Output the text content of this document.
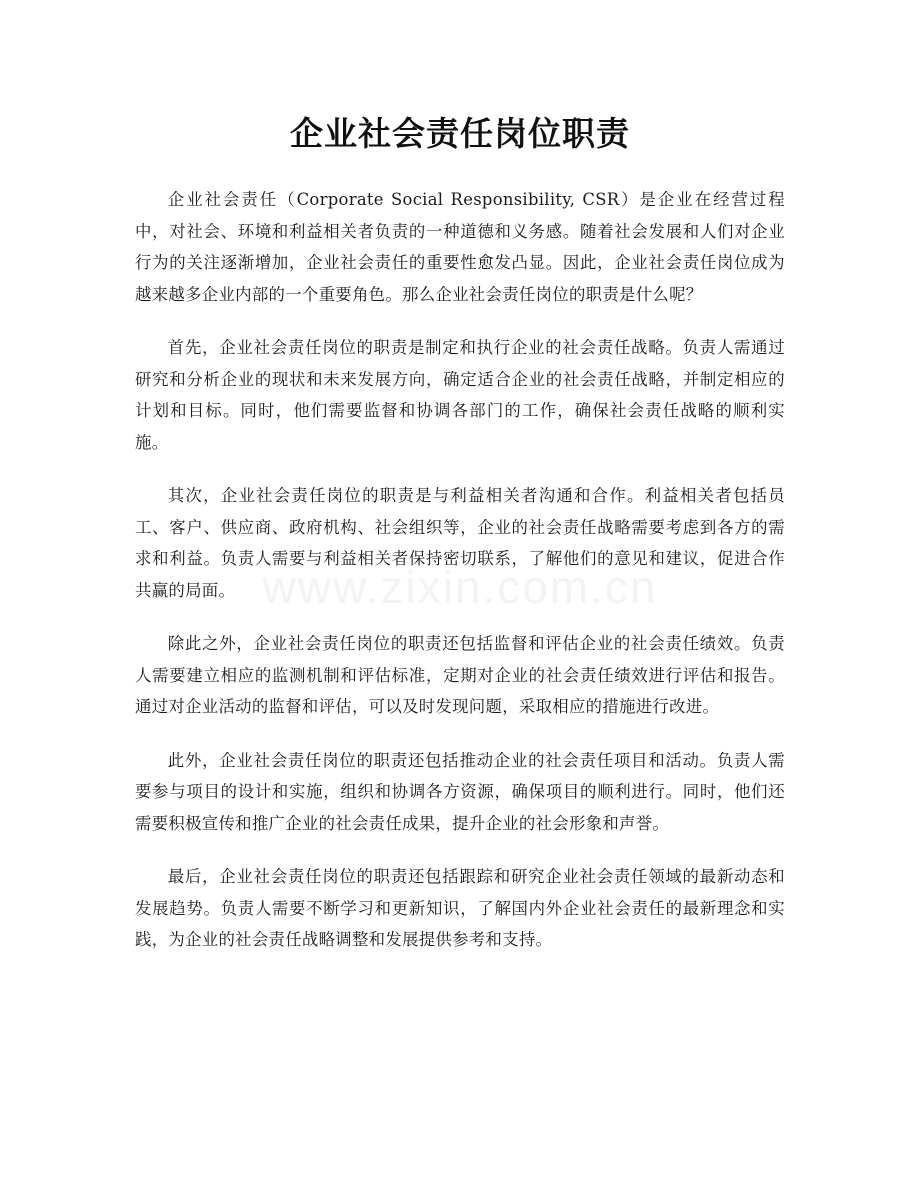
企业社会责任岗位职责

企业社会责任（Corporate Social Responsibility, CSR）是企业在经营过程中，对社会、环境和利益相关者负责的一种道德和义务感。随着社会发展和人们对企业行为的关注逐渐增加，企业社会责任的重要性愈发凸显。因此，企业社会责任岗位成为越来越多企业内部的一个重要角色。那么企业社会责任岗位的职责是什么呢？

首先，企业社会责任岗位的职责是制定和执行企业的社会责任战略。负责人需通过研究和分析企业的现状和未来发展方向，确定适合企业的社会责任战略，并制定相应的计划和目标。同时，他们需要监督和协调各部门的工作，确保社会责任战略的顺利实施。

其次，企业社会责任岗位的职责是与利益相关者沟通和合作。利益相关者包括员工、客户、供应商、政府机构、社会组织等，企业的社会责任战略需要考虑到各方的需求和利益。负责人需要与利益相关者保持密切联系，了解他们的意见和建议，促进合作共赢的局面。

除此之外，企业社会责任岗位的职责还包括监督和评估企业的社会责任绩效。负责人需要建立相应的监测机制和评估标准，定期对企业的社会责任绩效进行评估和报告。通过对企业活动的监督和评估，可以及时发现问题，采取相应的措施进行改进。

此外，企业社会责任岗位的职责还包括推动企业的社会责任项目和活动。负责人需要参与项目的设计和实施，组织和协调各方资源，确保项目的顺利进行。同时，他们还需要积极宣传和推广企业的社会责任成果，提升企业的社会形象和声誉。

最后，企业社会责任岗位的职责还包括跟踪和研究企业社会责任领域的最新动态和发展趋势。负责人需要不断学习和更新知识，了解国内外企业社会责任的最新理念和实践，为企业的社会责任战略调整和发展提供参考和支持。

www.zixin.com.cn
